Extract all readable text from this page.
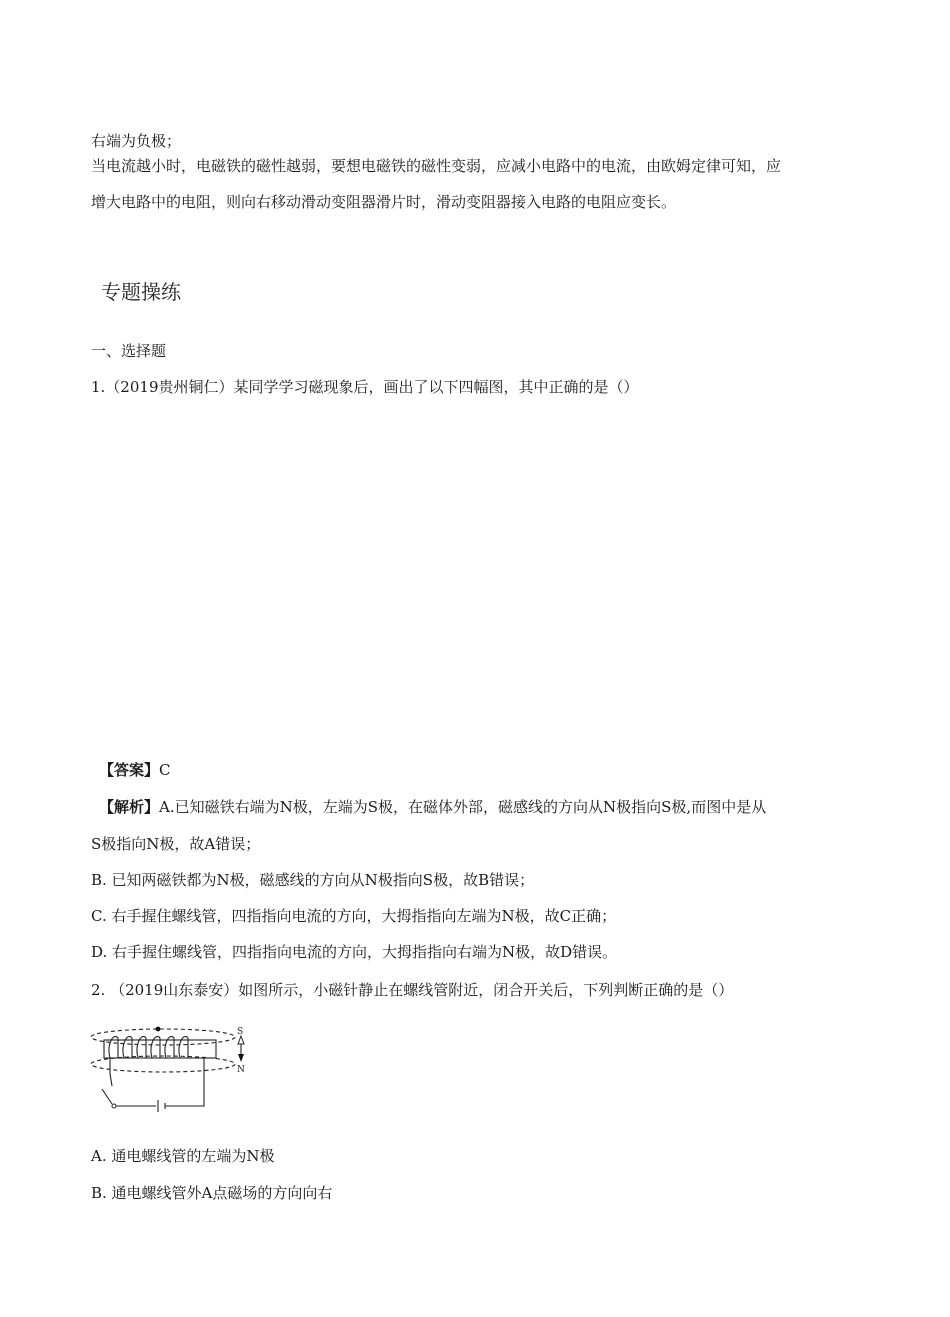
右端为负极；
当电流越小时，电磁铁的磁性越弱，要想电磁铁的磁性变弱，应减小电路中的电流，由欧姆定律可知，应
增大电路中的电阻，则向右移动滑动变阻器滑片时，滑动变阻器接入电路的电阻应变长。
专题操练
一、选择题
1.（2019贵州铜仁）某同学学习磁现象后，画出了以下四幅图，其中正确的是（）
【答案】C
【解析】A.已知磁铁右端为N极，左端为S极，在磁体外部，磁感线的方向从N极指向S极,而图中是从
S极指向N极，故A错误；
B. 已知两磁铁都为N极，磁感线的方向从N极指向S极，故B错误；
C. 右手握住螺线管，四指指向电流的方向，大拇指指向左端为N极，故C正确；
D. 右手握住螺线管，四指指向电流的方向，大拇指指向右端为N极，故D错误。
2. （2019山东泰安）如图所示，小磁针静止在螺线管附近，闭合开关后，下列判断正确的是（）
S
N
A. 通电螺线管的左端为N极
B. 通电螺线管外A点磁场的方向向右
